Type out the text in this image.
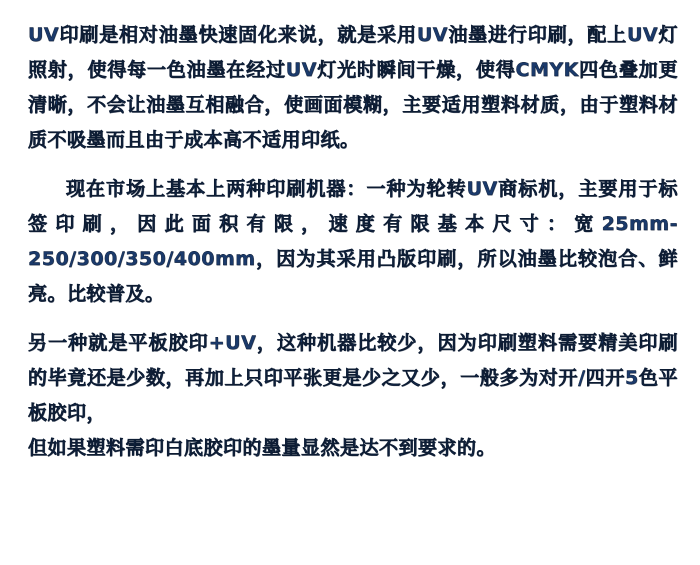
UV印刷是相对油墨快速固化来说，就是采用UV油墨进行印刷，配上UV灯照射，使得每一色油墨在经过UV灯光时瞬间干燥，使得CMYK四色叠加更清晰，不会让油墨互相融合，使画面模糊，主要适用塑料材质，由于塑料材质不吸墨而且由于成本高不适用印纸。

现在市场上基本上两种印刷机器：一种为轮转UV商标机，主要用于标签印刷，因此面积有限，速度有限基本尺寸：宽25mm-250/300/350/400mm，因为其采用凸版印刷，所以油墨比较泡合、鲜亮。比较普及。

另一种就是平板胶印+UV，这种机器比较少，因为印刷塑料需要精美印刷的毕竟还是少数，再加上只印平张更是少之又少，一般多为对开/四开5色平板胶印，

但如果塑料需印白底胶印的墨量显然是达不到要求的。
